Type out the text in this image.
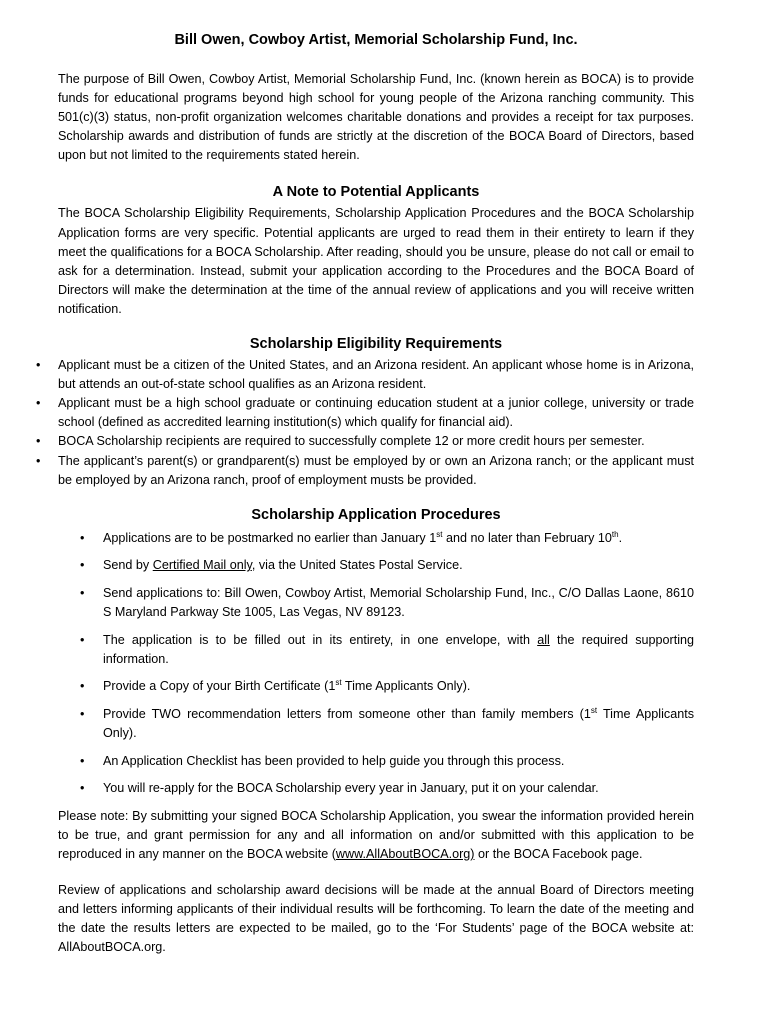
Bill Owen, Cowboy Artist, Memorial Scholarship Fund, Inc.

The purpose of Bill Owen, Cowboy Artist, Memorial Scholarship Fund, Inc. (known herein as BOCA) is to provide funds for educational programs beyond high school for young people of the Arizona ranching community. This 501(c)(3) status, non-profit organization welcomes charitable donations and provides a receipt for tax purposes. Scholarship awards and distribution of funds are strictly at the discretion of the BOCA Board of Directors, based upon but not limited to the requirements stated herein.

A Note to Potential Applicants

The BOCA Scholarship Eligibility Requirements, Scholarship Application Procedures and the BOCA Scholarship Application forms are very specific. Potential applicants are urged to read them in their entirety to learn if they meet the qualifications for a BOCA Scholarship. After reading, should you be unsure, please do not call or email to ask for a determination. Instead, submit your application according to the Procedures and the BOCA Board of Directors will make the determination at the time of the annual review of applications and you will receive written notification.

Scholarship Eligibility Requirements
• Applicant must be a citizen of the United States, and an Arizona resident. An applicant whose home is in Arizona, but attends an out-of-state school qualifies as an Arizona resident.
• Applicant must be a high school graduate or continuing education student at a junior college, university or trade school (defined as accredited learning institution(s) which qualify for financial aid).
• BOCA Scholarship recipients are required to successfully complete 12 or more credit hours per semester.
• The applicant’s parent(s) or grandparent(s) must be employed by or own an Arizona ranch; or the applicant must be employed by an Arizona ranch, proof of employment musts be provided.
Scholarship Application Procedures
• Applications are to be postmarked no earlier than January 1st and no later than February 10th.
• Send by Certified Mail only, via the United States Postal Service.
• Send applications to: Bill Owen, Cowboy Artist, Memorial Scholarship Fund, Inc., C/O Dallas Laone, 8610 S Maryland Parkway Ste 1005, Las Vegas, NV 89123.
• The application is to be filled out in its entirety, in one envelope, with all the required supporting information.
• Provide a Copy of your Birth Certificate (1st Time Applicants Only).
• Provide TWO recommendation letters from someone other than family members (1st Time Applicants Only).
• An Application Checklist has been provided to help guide you through this process.
• You will re-apply for the BOCA Scholarship every year in January, put it on your calendar.

Please note: By submitting your signed BOCA Scholarship Application, you swear the information provided herein to be true, and grant permission for any and all information on and/or submitted with this application to be reproduced in any manner on the BOCA website (www.AllAboutBOCA.org) or the BOCA Facebook page.

Review of applications and scholarship award decisions will be made at the annual Board of Directors meeting and letters informing applicants of their individual results will be forthcoming. To learn the date of the meeting and the date the results letters are expected to be mailed, go to the ‘For Students’ page of the BOCA website at: AllAboutBOCA.org.
